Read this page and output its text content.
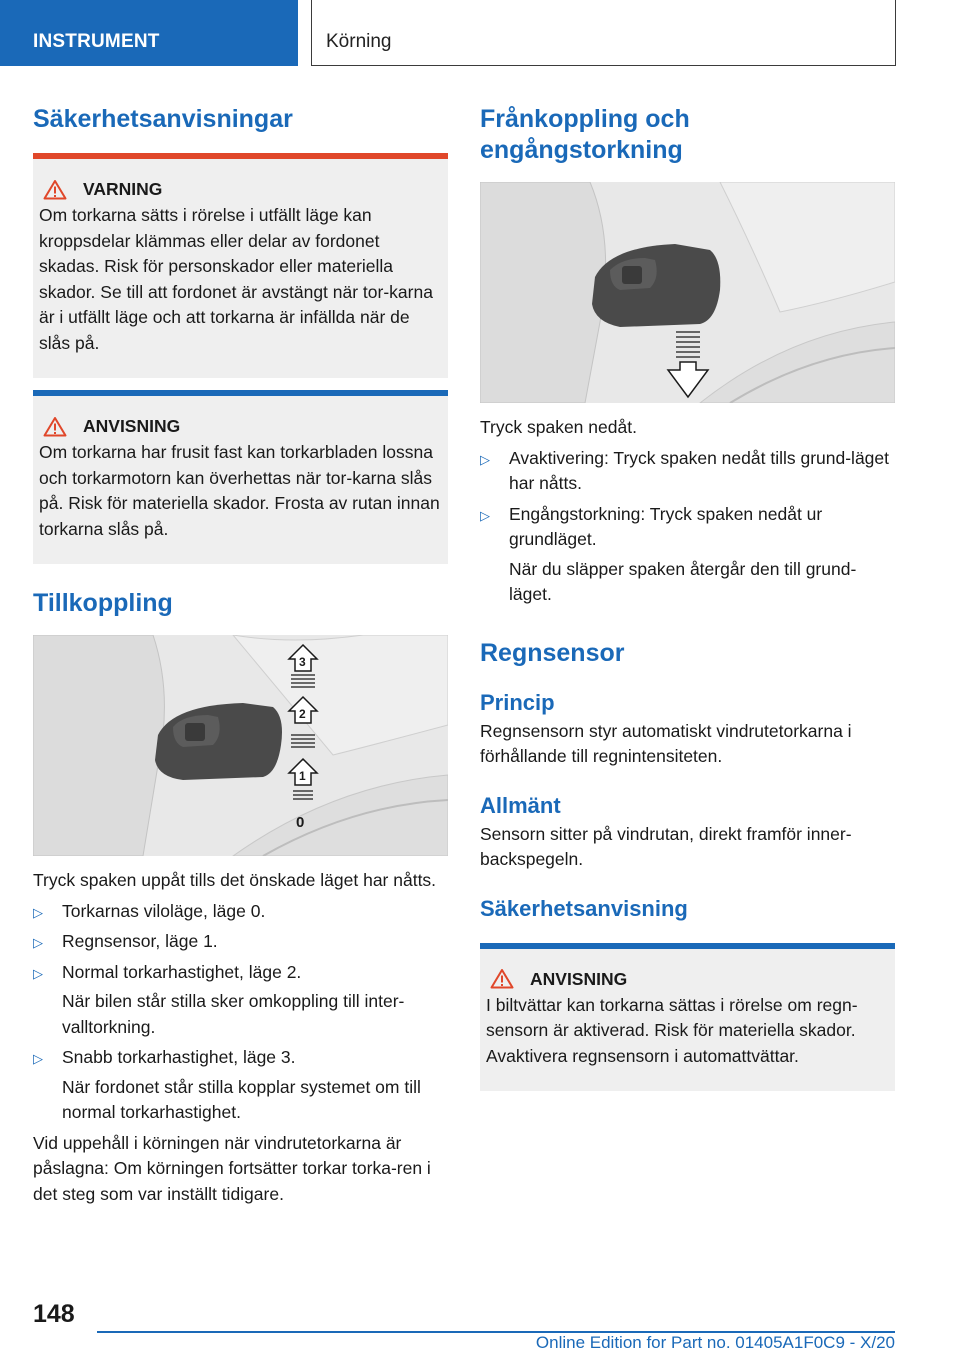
INSTRUMENT	Körning
Säkerhetsanvisningar
VARNING

Om torkarna sätts i rörelse i utfällt läge kan kroppsdelar klämmas eller delar av fordonet skadas. Risk för personskador eller materiella skador. Se till att fordonet är avstängt när tor-karna är i utfällt läge och att torkarna är infällda när de slås på.

ANVISNING

Om torkarna har frusit fast kan torkarbladen lossna och torkarmotorn kan överhettas när tor-karna slås på. Risk för materiella skador. Frosta av rutan innan torkarna slås på.

Tillkoppling
3
2
1
0

Tryck spaken uppåt tills det önskade läget har nåtts.

▷ Torkarnas viloläge, läge 0.
▷ Regnsensor, läge 1.
▷ Normal torkarhastighet, läge 2.
När bilen står stilla sker omkoppling till inter-valltorkning.
▷ Snabb torkarhastighet, läge 3.
När fordonet står stilla kopplar systemet om till normal torkarhastighet.

Vid uppehåll i körningen när vindrutetorkarna är påslagna: Om körningen fortsätter torkar torka-ren i det steg som var inställt tidigare.

Frånkoppling och engångstorkning

Tryck spaken nedåt.

▷ Avaktivering: Tryck spaken nedåt tills grund-läget har nåtts.
▷ Engångstorkning: Tryck spaken nedåt ur grundläget.
När du släpper spaken återgår den till grund-läget.
Regnsensor
Princip

Regnsensorn styr automatiskt vindrutetorkarna i förhållande till regnintensiteten.

Allmänt

Sensorn sitter på vindrutan, direkt framför inner-backspegeln.

Säkerhetsanvisning
ANVISNING

I biltvättar kan torkarna sättas i rörelse om regn-sensorn är aktiverad. Risk för materiella skador. Avaktivera regnsensorn i automattvättar.

148
Online Edition for Part no. 01405A1F0C9 - X/20
